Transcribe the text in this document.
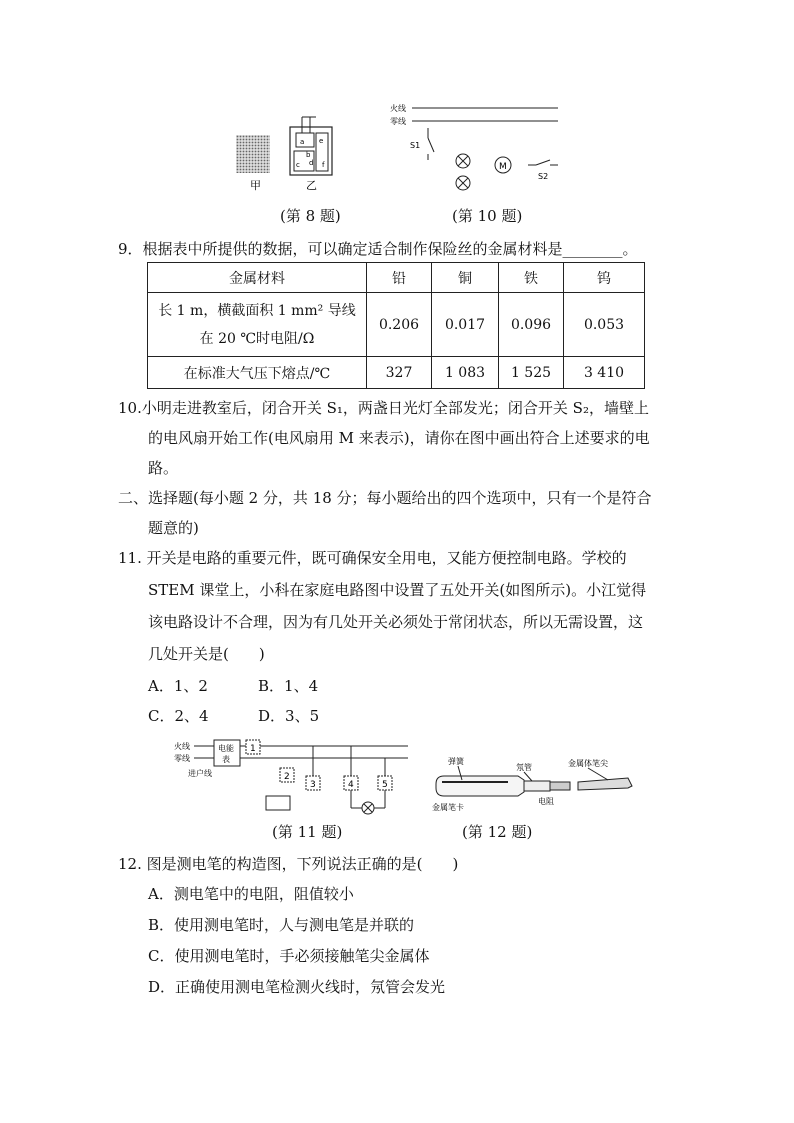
a
b
c d
e
f
甲	乙
(第 8 题)
火线
零线
S1
M
S2
(第 10 题)
9．根据表中所提供的数据，可以确定适合制作保险丝的金属材料是________。
金属材料	铅	铜	铁	钨

长 1 m，横截面积 1 mm² 导线
在 20 ℃时电阻/Ω	0.206	0.017	0.096	0.053
在标准大气压下熔点/℃	327	1 083	1 525	3 410
10.小明走进教室后，闭合开关 S₁，两盏日光灯全部发光；闭合开关 S₂，墙壁上
的电风扇开始工作(电风扇用 M 来表示)，请你在图中画出符合上述要求的电
路。
二、选择题(每小题 2 分，共 18 分；每小题给出的四个选项中，只有一个是符合
题意的)
11. 开关是电路的重要元件，既可确保安全用电，又能方便控制电路。学校的
STEM 课堂上，小科在家庭电路图中设置了五处开关(如图所示)。小江觉得
该电路设计不合理，因为有几处开关必须处于常闭状态，所以无需设置，这
几处开关是(　　)
A．1、2	B．1、4
C．2、4	D．3、5
火线
零线
进户线
电能
表
1
2
3	4	5
(第 11 题)
弹簧
氖管	金属体笔尖
金属笔卡
电阻
(第 12 题)
12. 图是测电笔的构造图，下列说法正确的是(　　)
A．测电笔中的电阻，阻值较小
B．使用测电笔时，人与测电笔是并联的
C．使用测电笔时，手必须接触笔尖金属体
D．正确使用测电笔检测火线时，氖管会发光
